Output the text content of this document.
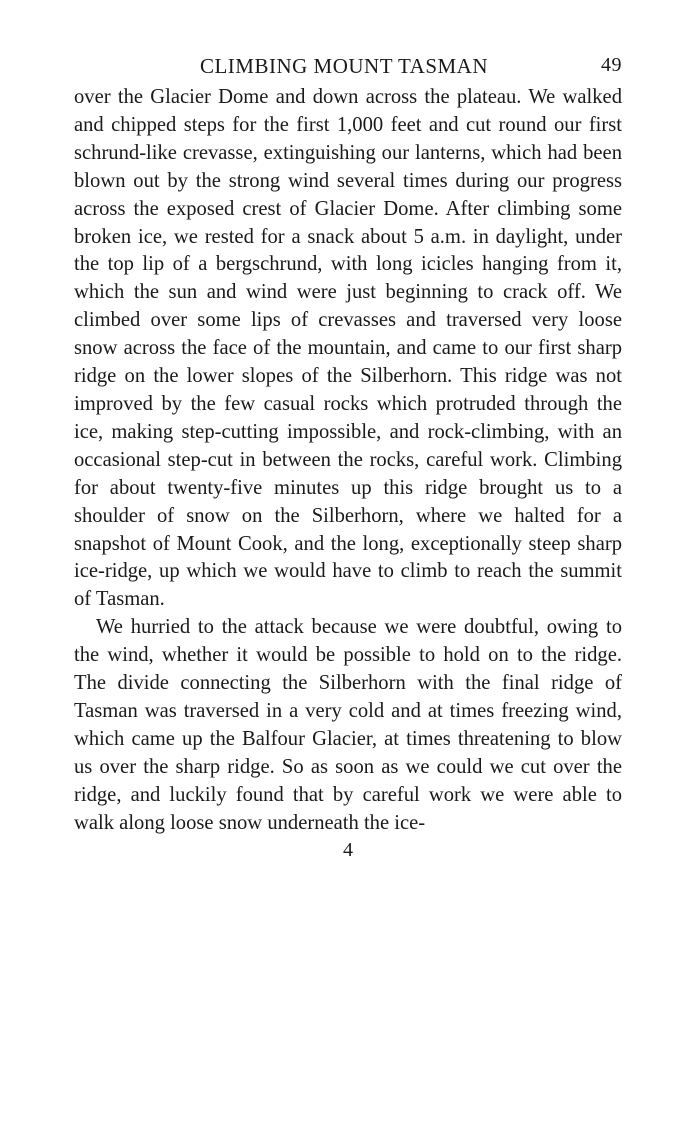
CLIMBING MOUNT TASMAN	49

over the Glacier Dome and down across the plateau. We walked and chipped steps for the first 1,000 feet and cut round our first schrund-like crevasse, extinguishing our lanterns, which had been blown out by the strong wind several times during our progress across the exposed crest of Glacier Dome. After climbing some broken ice, we rested for a snack about 5 a.m. in daylight, under the top lip of a bergschrund, with long icicles hanging from it, which the sun and wind were just beginning to crack off. We climbed over some lips of crevasses and traversed very loose snow across the face of the mountain, and came to our first sharp ridge on the lower slopes of the Silberhorn. This ridge was not improved by the few casual rocks which protruded through the ice, making step-cutting impossible, and rock-climbing, with an occasional step-cut in between the rocks, careful work. Climbing for about twenty-five minutes up this ridge brought us to a shoulder of snow on the Silberhorn, where we halted for a snapshot of Mount Cook, and the long, exceptionally steep sharp ice-ridge, up which we would have to climb to reach the summit of Tasman.

We hurried to the attack because we were doubtful, owing to the wind, whether it would be possible to hold on to the ridge. The divide connecting the Silberhorn with the final ridge of Tasman was traversed in a very cold and at times freezing wind, which came up the Balfour Glacier, at times threatening to blow us over the sharp ridge. So as soon as we could we cut over the ridge, and luckily found that by careful work we were able to walk along loose snow underneath the ice-

4
